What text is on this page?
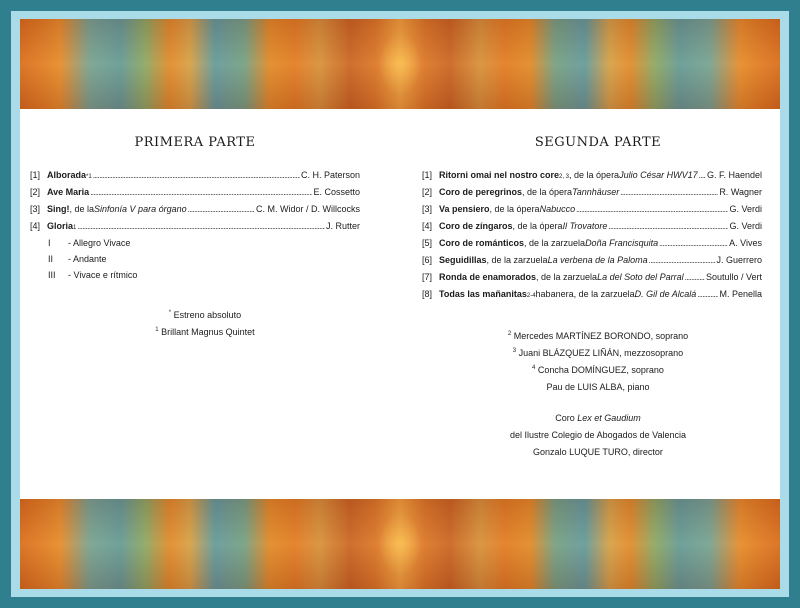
PRIMERA PARTE
[1] Alborada *1 .....	C. H. Paterson
[2] Ave Maria .....	E. Cossetto
[3] Sing! , de la Sinfonía V para órgano .....	C. M. Widor / D. Willcocks
[4] Gloria 1 .....	J. Rutter
I - Allegro Vivace
II - Andante
III - Vivace e rítmico
* Estreno absoluto
$^1$ Brillant Magnus Quintet
SEGUNDA PARTE
[1] Ritorni omai nel nostro core 2, 3 , de la ópera Julio César HWV17 ..... G. F. Haendel
[2] Coro de peregrinos , de la ópera Tannhäuser .....	R. Wagner
[3] Va pensiero , de la ópera Nabucco .....	G. Verdi
[4] Coro de zíngaros , de la ópera Il Trovatore .....	G. Verdi
[5] Coro de románticos , de la zarzuela Doña Francisquita .....	A. Vives
[6] Seguidillas , de la zarzuela La verbena de la Paloma .....	J. Guerrero
[7] Ronda de enamorados , de la zarzuela La del Soto del Parral ..... Soutullo / Vert
[8] Todas las mañanitas 2-4 habanera, de la zarzuela D. Gil de Alcalá .....	M. Penella
$^2$ Mercedes MARTÍNEZ BORONDO, soprano
$^3$ Juani BLÁZQUEZ LIÑÁN, mezzosoprano
$^4$ Concha DOMÍNGUEZ, soprano
Pau de LUIS ALBA, piano
Coro Lex et Gaudium
del Ilustre Colegio de Abogados de Valencia
Gonzalo LUQUE TURO, director
